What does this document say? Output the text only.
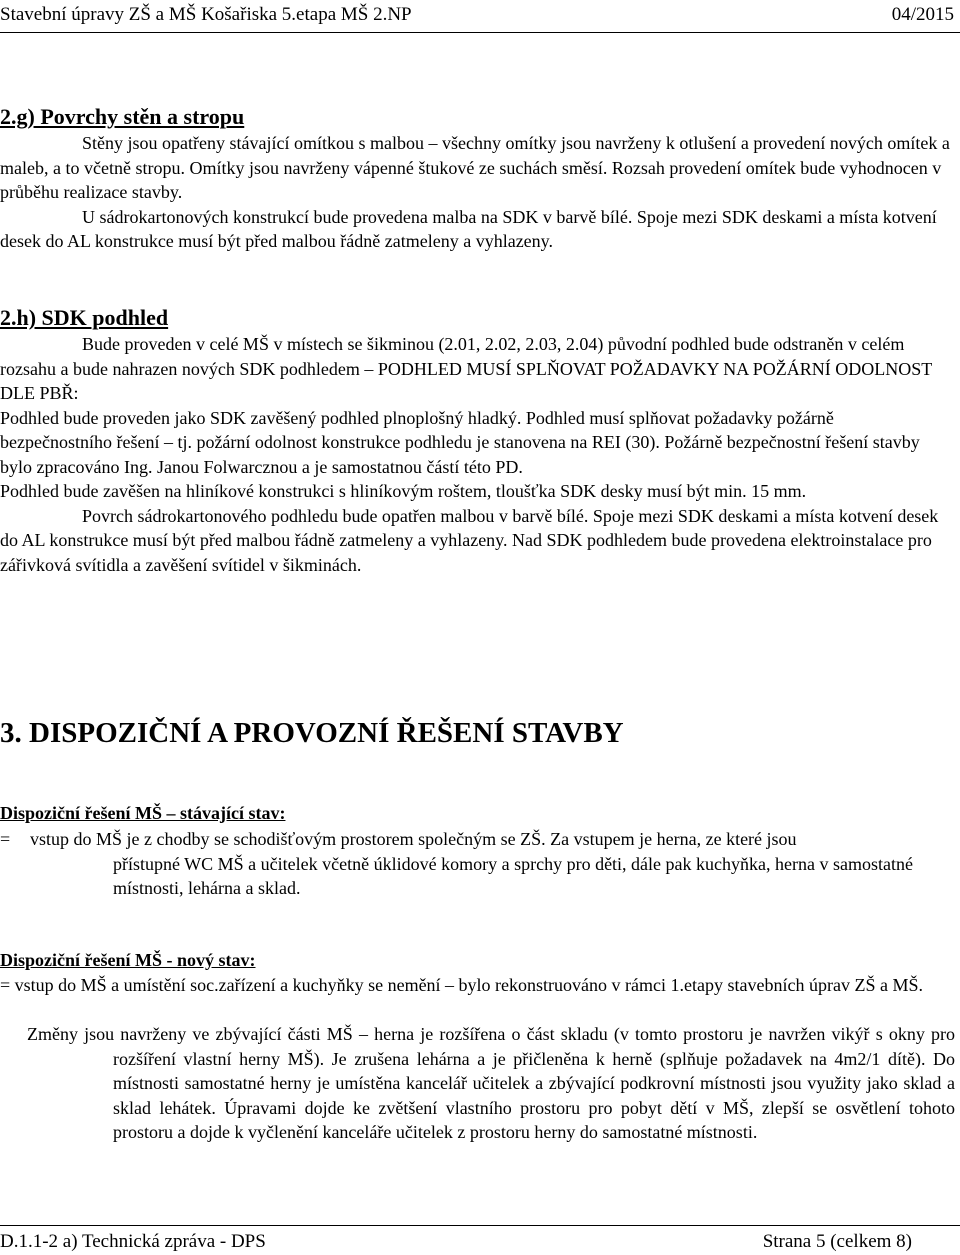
Stavební úpravy ZŠ a MŠ Košařiska 5.etapa MŠ 2.NP	04/2015
2.g) Povrchy stěn a stropu

Stěny jsou opatřeny stávající omítkou s malbou – všechny omítky jsou navrženy k otlušení a provedení nových omítek a maleb, a to včetně stropu. Omítky jsou navrženy vápenné štukové ze suchách směsí. Rozsah provedení omítek bude vyhodnocen v průběhu realizace stavby.

U sádrokartonových konstrukcí bude provedena malba na SDK v barvě bílé. Spoje mezi SDK deskami a místa kotvení desek do AL konstrukce musí být před malbou řádně zatmeleny a vyhlazeny.

2.h) SDK podhled

Bude proveden v celé MŠ v místech se šikminou (2.01, 2.02, 2.03, 2.04) původní podhled bude odstraněn v celém rozsahu a bude nahrazen nových SDK podhledem – PODHLED MUSÍ SPLŇOVAT POŽADAVKY NA POŽÁRNÍ ODOLNOST DLE PBŘ:

Podhled bude proveden jako SDK zavěšený podhled plnoplošný hladký. Podhled musí splňovat požadavky požárně bezpečnostního řešení – tj. požární odolnost konstrukce podhledu je stanovena na REI (30). Požárně bezpečnostní řešení stavby bylo zpracováno Ing. Janou Folwarcznou a je samostatnou částí této PD.

Podhled bude zavěšen na hliníkové konstrukci s hliníkovým roštem, tloušťka SDK desky musí být min. 15 mm.

Povrch sádrokartonového podhledu bude opatřen malbou v barvě bílé. Spoje mezi SDK deskami a místa kotvení desek do AL konstrukce musí být před malbou řádně zatmeleny a vyhlazeny. Nad SDK podhledem bude provedena elektroinstalace pro zářivková svítidla a zavěšení svítidel v šikminách.

3. DISPOZIČNÍ A PROVOZNÍ ŘEŠENÍ STAVBY
Dispoziční řešení MŠ – stávající stav:
= vstup do MŠ je z chodby se schodišťovým prostorem společným se ZŠ. Za vstupem je herna, ze které jsou
přístupné WC MŠ a učitelek včetně úklidové komory a sprchy pro děti, dále pak kuchyňka, herna v samostatné místnosti, lehárna a sklad.
Dispoziční řešení MŠ - nový stav:
= vstup do MŠ a umístění soc.zařízení a kuchyňky se nemění – bylo rekonstruováno v rámci 1.etapy stavebních úprav ZŠ a MŠ.
Změny jsou navrženy ve zbývající části MŠ – herna je rozšířena o část skladu (v tomto prostoru je navržen vikýř s okny pro rozšíření vlastní herny MŠ). Je zrušena lehárna a je přičleněna k herně (splňuje požadavek na 4m2/1 dítě). Do místnosti samostatné herny je umístěna kancelář učitelek a zbývající podkrovní místnosti jsou využity jako sklad a sklad lehátek. Úpravami dojde ke zvětšení vlastního prostoru pro pobyt dětí v MŠ, zlepší se osvětlení tohoto prostoru a dojde k vyčlenění kanceláře učitelek z prostoru herny do samostatné místnosti.
D.1.1-2 a) Technická zpráva - DPS	Strana 5 (celkem 8)
